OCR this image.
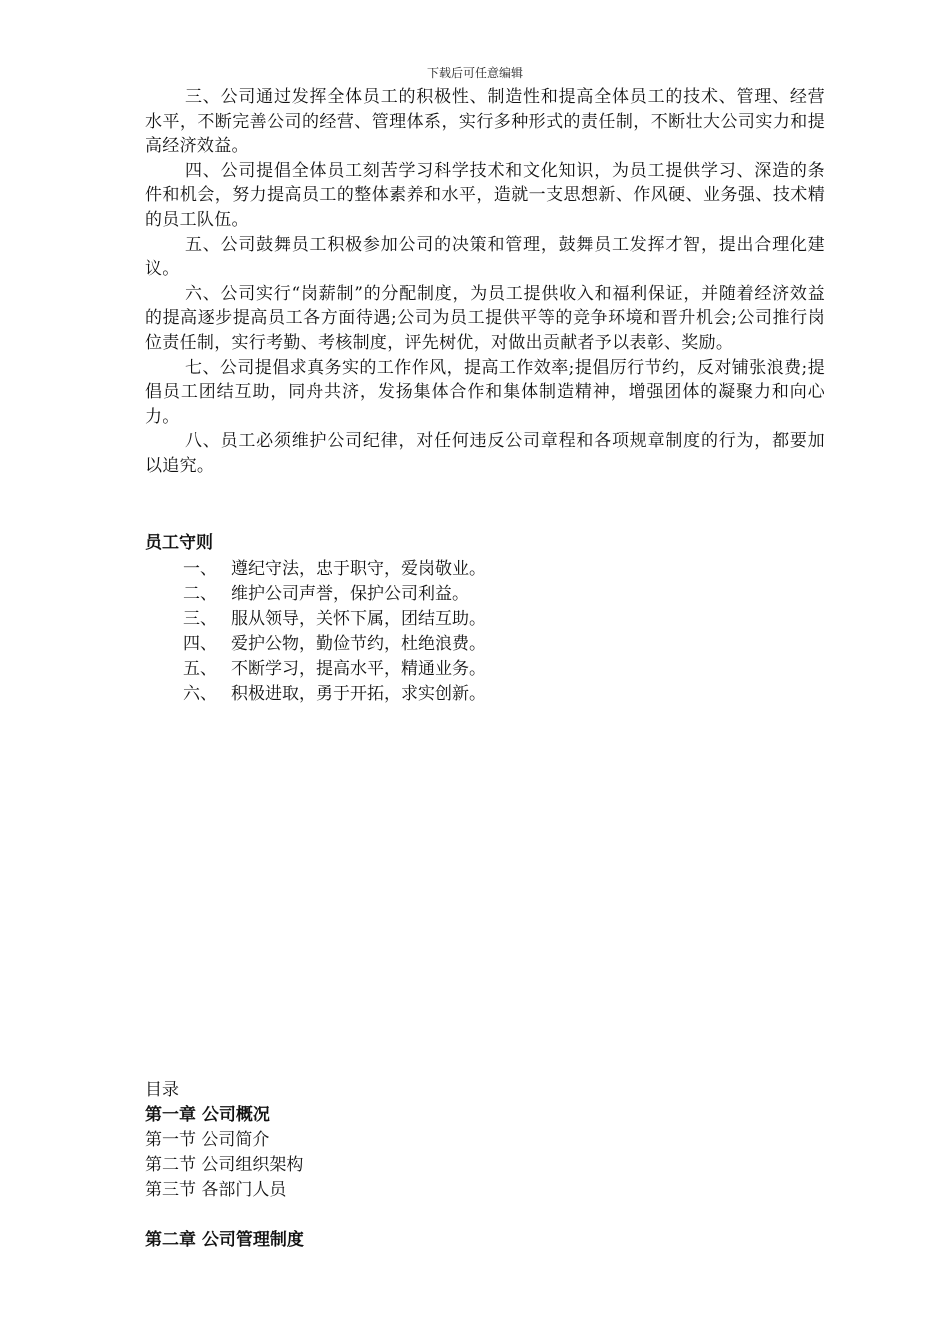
下载后可任意编辑

三、公司通过发挥全体员工的积极性、制造性和提高全体员工的技术、管理、经营水平，不断完善公司的经营、管理体系，实行多种形式的责任制，不断壮大公司实力和提高经济效益。

四、公司提倡全体员工刻苦学习科学技术和文化知识，为员工提供学习、深造的条件和机会，努力提高员工的整体素养和水平，造就一支思想新、作风硬、业务强、技术精的员工队伍。

五、公司鼓舞员工积极参加公司的决策和管理，鼓舞员工发挥才智，提出合理化建议。

六、公司实行“岗薪制”的分配制度，为员工提供收入和福利保证，并随着经济效益的提高逐步提高员工各方面待遇;公司为员工提供平等的竞争环境和晋升机会;公司推行岗位责任制，实行考勤、考核制度，评先树优，对做出贡献者予以表彰、奖励。

七、公司提倡求真务实的工作作风，提高工作效率;提倡厉行节约，反对铺张浪费;提倡员工团结互助，同舟共济，发扬集体合作和集体制造精神，增强团体的凝聚力和向心力。

八、员工必须维护公司纪律，对任何违反公司章程和各项规章制度的行为，都要加以追究。

员工守则
一、 遵纪守法，忠于职守，爱岗敬业。
二、 维护公司声誉，保护公司利益。
三、 服从领导，关怀下属，团结互助。
四、 爱护公物，勤俭节约，杜绝浪费。
五、 不断学习，提高水平，精通业务。
六、 积极进取，勇于开拓，求实创新。
目录
第一章 公司概况
第一节 公司简介
第二节 公司组织架构
第三节 各部门人员
第二章 公司管理制度
